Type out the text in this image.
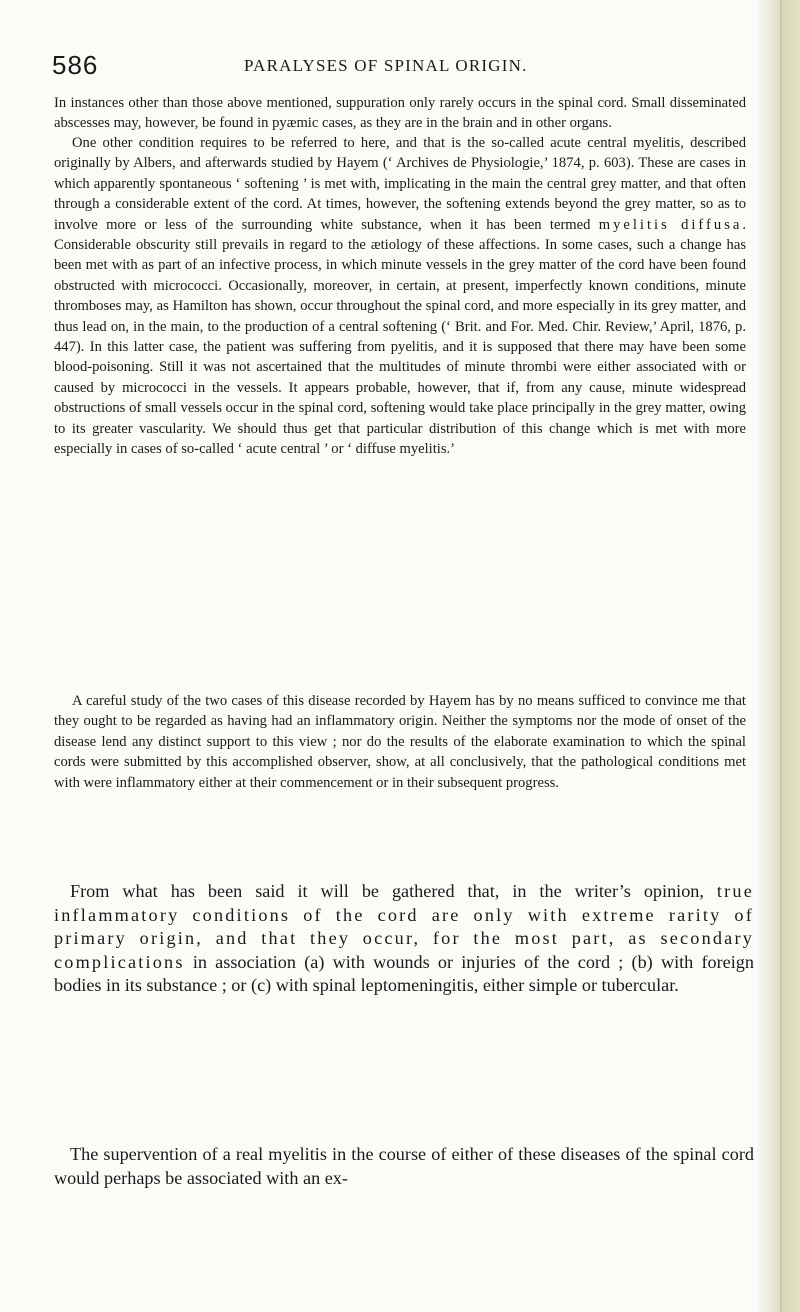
586	PARALYSES OF SPINAL ORIGIN.

In instances other than those above mentioned, suppuration only rarely occurs in the spinal cord. Small disseminated abscesses may, however, be found in pyæmic cases, as they are in the brain and in other organs.

One other condition requires to be referred to here, and that is the so-called acute central myelitis, described originally by Albers, and afterwards studied by Hayem (‘ Archives de Physiologie,’ 1874, p. 603). These are cases in which apparently spontaneous ‘ softening ’ is met with, implicating in the main the central grey matter, and that often through a considerable extent of the cord. At times, however, the softening extends beyond the grey matter, so as to involve more or less of the surrounding white substance, when it has been termed myelitis diffusa. Considerable obscurity still prevails in regard to the ætiology of these affections. In some cases, such a change has been met with as part of an infective process, in which minute vessels in the grey matter of the cord have been found obstructed with micrococci. Occasionally, moreover, in certain, at present, imperfectly known conditions, minute thromboses may, as Hamilton has shown, occur throughout the spinal cord, and more especially in its grey matter, and thus lead on, in the main, to the production of a central softening (‘ Brit. and For. Med. Chir. Review,’ April, 1876, p. 447). In this latter case, the patient was suffering from pyelitis, and it is supposed that there may have been some blood-poisoning. Still it was not ascertained that the multitudes of minute thrombi were either associated with or caused by micrococci in the vessels. It appears probable, however, that if, from any cause, minute widespread obstructions of small vessels occur in the spinal cord, softening would take place principally in the grey matter, owing to its greater vascularity. We should thus get that particular distribution of this change which is met with more especially in cases of so-called ‘ acute central ’ or ‘ diffuse myelitis.’

A careful study of the two cases of this disease recorded by Hayem has by no means sufficed to convince me that they ought to be regarded as having had an inflammatory origin. Neither the symptoms nor the mode of onset of the disease lend any distinct support to this view ; nor do the results of the elaborate examination to which the spinal cords were submitted by this accomplished observer, show, at all conclusively, that the pathological conditions met with were inflammatory either at their commencement or in their subsequent progress.

From what has been said it will be gathered that, in the writer’s opinion, true inflammatory conditions of the cord are only with extreme rarity of primary origin, and that they occur, for the most part, as secondary complications in association (a) with wounds or injuries of the cord ; (b) with foreign bodies in its substance ; or (c) with spinal leptomeningitis, either simple or tubercular.

The supervention of a real myelitis in the course of either of these diseases of the spinal cord would perhaps be associated with an ex-
